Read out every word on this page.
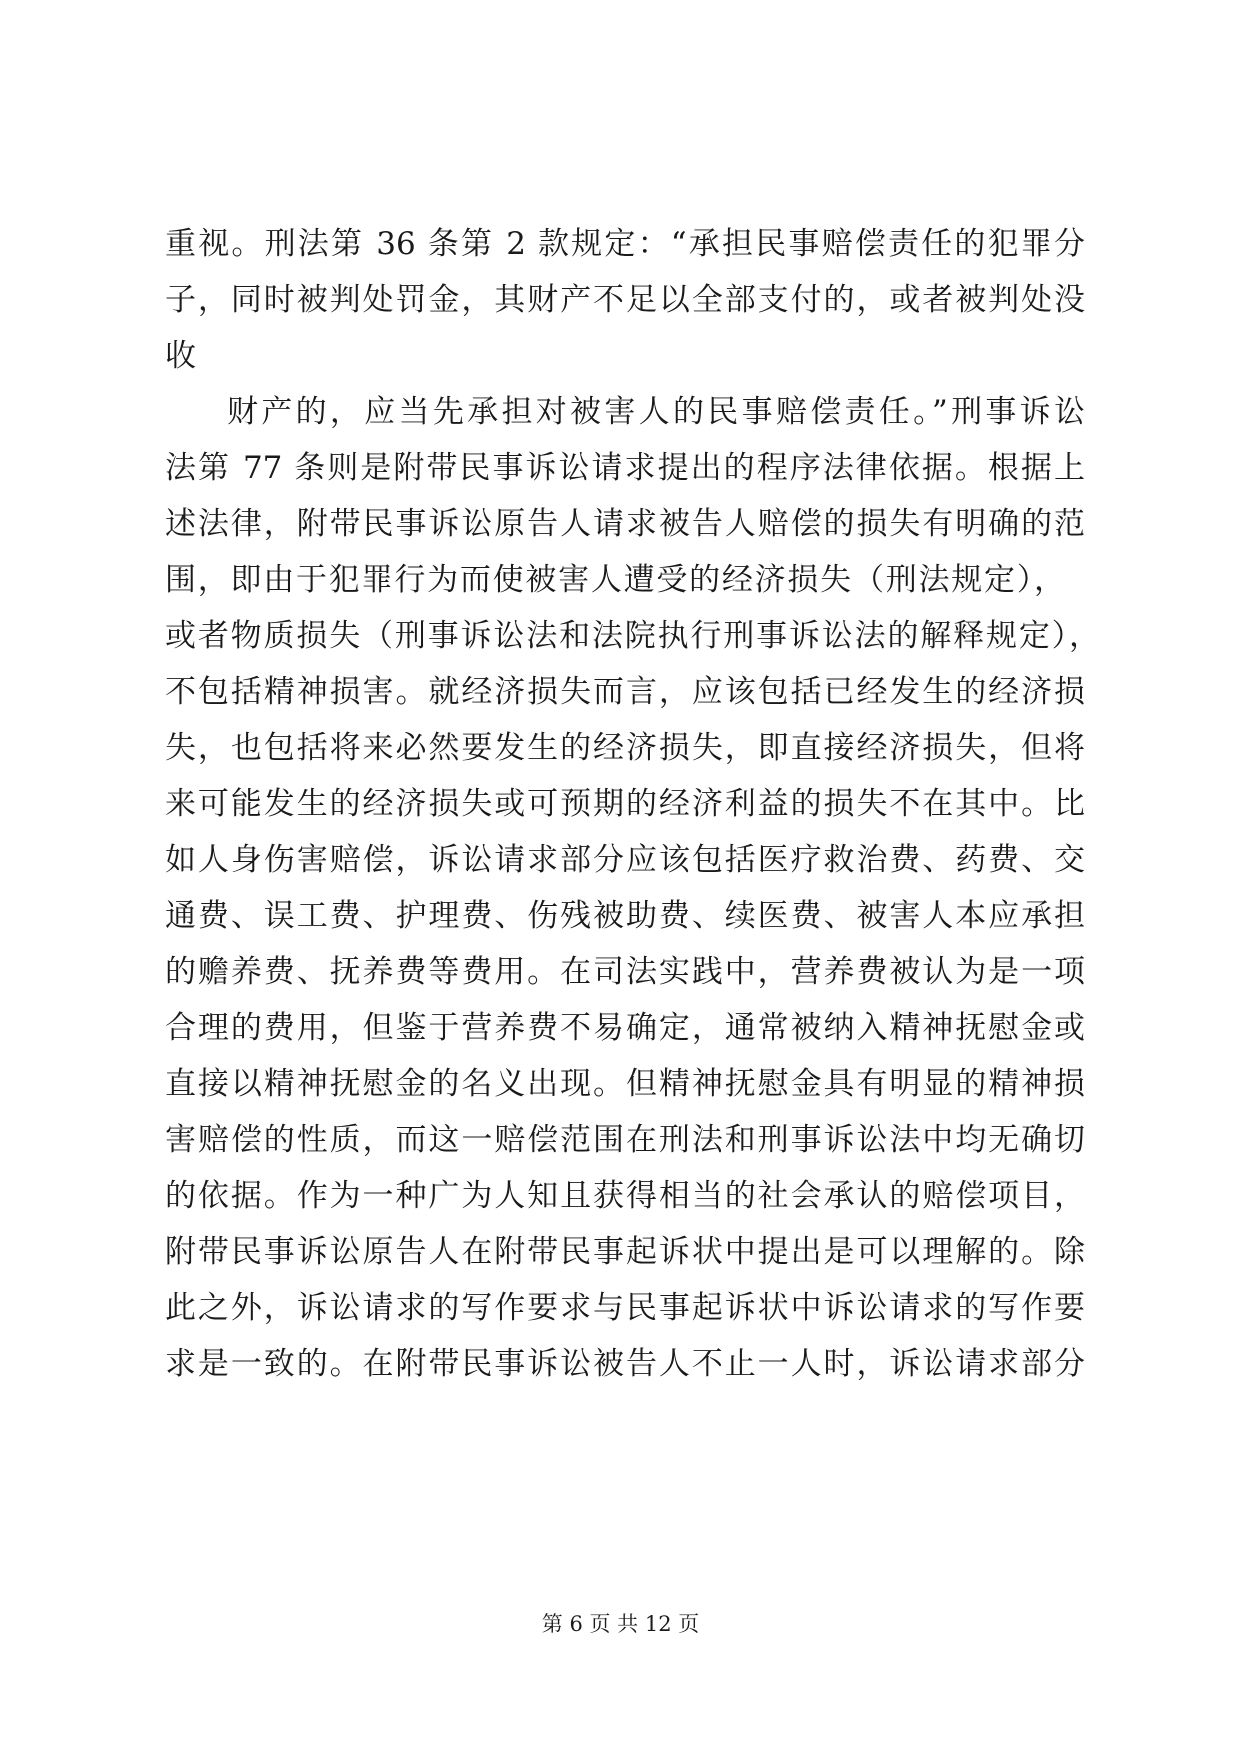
重视。刑法第 36 条第 2 款规定：“承担民事赔偿责任的犯罪分
子，同时被判处罚金，其财产不足以全部支付的，或者被判处没
收
财产的，应当先承担对被害人的民事赔偿责任。”刑事诉讼
法第 77 条则是附带民事诉讼请求提出的程序法律依据。根据上
述法律，附带民事诉讼原告人请求被告人赔偿的损失有明确的范
围，即由于犯罪行为而使被害人遭受的经济损失（刑法规定），
或者物质损失（刑事诉讼法和法院执行刑事诉讼法的解释规定），
不包括精神损害。就经济损失而言，应该包括已经发生的经济损
失，也包括将来必然要发生的经济损失，即直接经济损失，但将
来可能发生的经济损失或可预期的经济利益的损失不在其中。比
如人身伤害赔偿，诉讼请求部分应该包括医疗救治费、药费、交
通费、误工费、护理费、伤残被助费、续医费、被害人本应承担
的赡养费、抚养费等费用。在司法实践中，营养费被认为是一项
合理的费用，但鉴于营养费不易确定，通常被纳入精神抚慰金或
直接以精神抚慰金的名义出现。但精神抚慰金具有明显的精神损
害赔偿的性质，而这一赔偿范围在刑法和刑事诉讼法中均无确切
的依据。作为一种广为人知且获得相当的社会承认的赔偿项目，
附带民事诉讼原告人在附带民事起诉状中提出是可以理解的。除
此之外，诉讼请求的写作要求与民事起诉状中诉讼请求的写作要
求是一致的。在附带民事诉讼被告人不止一人时，诉讼请求部分
第 6 页 共 12 页
